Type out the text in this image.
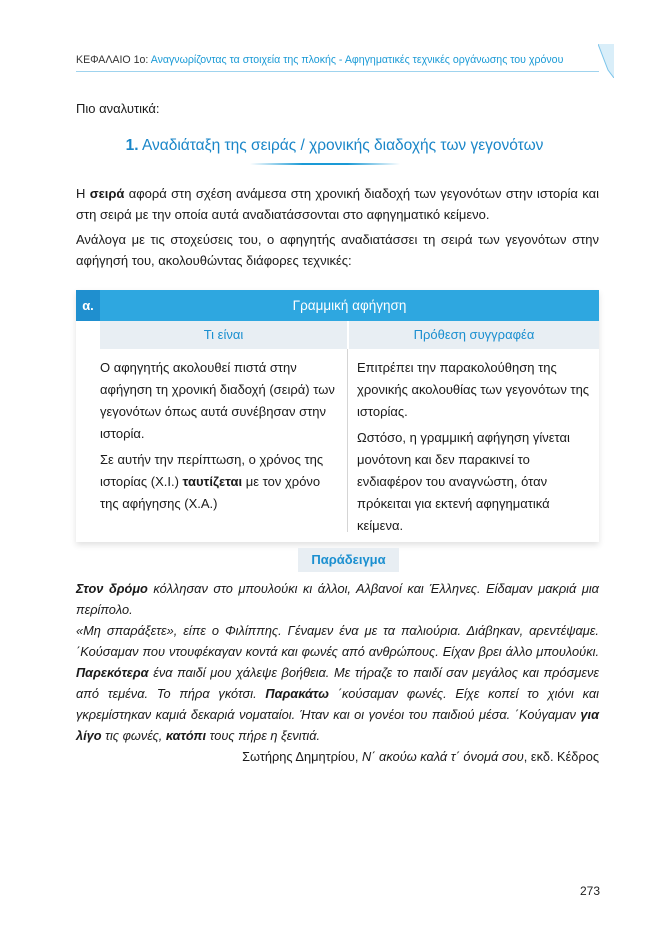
ΚΕΦΑΛΑΙΟ 1ο: Αναγνωρίζοντας τα στοιχεία της πλοκής - Αφηγηματικές τεχνικές οργάνωσης του χρόνου
Πιο αναλυτικά:
1. Αναδιάταξη της σειράς / χρονικής διαδοχής των γεγονότων
Η σειρά αφορά στη σχέση ανάμεσα στη χρονική διαδοχή των γεγονότων στην ιστορία και στη σειρά με την οποία αυτά αναδιατάσσονται στο αφηγηματικό κείμενο.
Ανάλογα με τις στοχεύσεις του, ο αφηγητής αναδιατάσσει τη σειρά των γεγονότων στην αφήγησή του, ακολουθώντας διάφορες τεχνικές:
α.	Γραμμική αφήγηση
Τι είναι	Πρόθεση συγγραφέα

Ο αφηγητής ακολουθεί πιστά στην αφήγηση τη χρονική διαδοχή (σειρά) των γεγονότων όπως αυτά συνέβησαν στην ιστορία.

Σε αυτήν την περίπτωση, ο χρόνος της ιστορίας (Χ.Ι.) ταυτίζεται με τον χρόνο της αφήγησης (Χ.Α.)

Επιτρέπει την παρακολούθηση της χρονικής ακολουθίας των γεγονότων της ιστορίας.

Ωστόσο, η γραμμική αφήγηση γίνεται μονότονη και δεν παρακινεί το ενδιαφέρον του αναγνώστη, όταν πρόκειται για εκτενή αφηγηματικά κείμενα.

Παράδειγμα

Στον δρόμο κόλλησαν στο μπουλούκι κι άλλοι, Αλβανοί και Έλληνες. Είδαμαν μακριά μια περίπολο.

«Μη σπαράξετε», είπε ο Φιλίππης. Γέναμεν ένα με τα παλιούρια. Διάβηκαν, αρεντέψαμε. ΄Κούσαμαν που ντουφέκαγαν κοντά και φωνές από ανθρώπους. Είχαν βρει άλλο μπουλούκι. Παρεκότερα ένα παιδί μου χάλεψε βοήθεια. Με τήραζε το παιδί σαν μεγάλος και πρόσμενε από τεμένα. Το πήρα γκότσι. Παρακάτω ΄κούσαμαν φωνές. Είχε κοπεί το χιόνι και γκρεμίστηκαν καμιά δεκαριά νοματαίοι. Ήταν και οι γονέοι του παιδιού μέσα. ΄Κούγαμαν για λίγο τις φωνές, κατόπι τους πήρε η ξενιτιά.

Σωτήρης Δημητρίου, Ν΄ ακούω καλά τ΄ όνομά σου, εκδ. Κέδρος

273
